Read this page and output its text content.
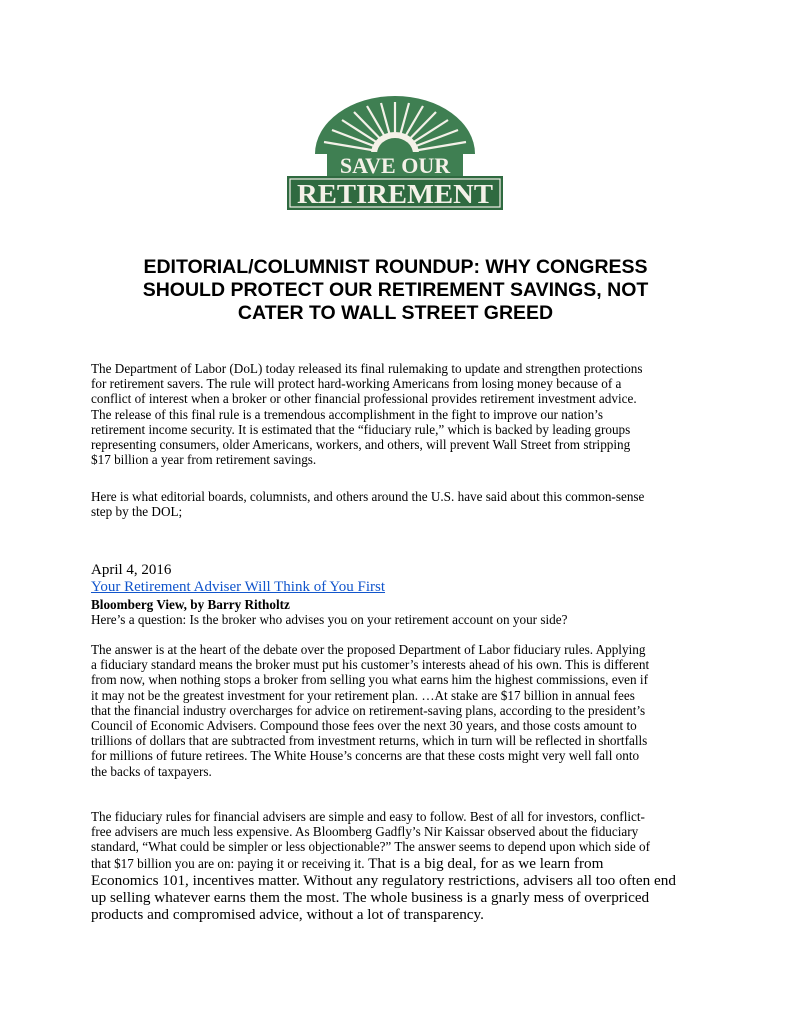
SAVE OUR
RETIREMENT
EDITORIAL/COLUMNIST ROUNDUP: WHY CONGRESS
SHOULD PROTECT OUR RETIREMENT SAVINGS, NOT
CATER TO WALL STREET GREED
The Department of Labor (DoL) today released its final rulemaking to update and strengthen protections
for retirement savers. The rule will protect hard-working Americans from losing money because of a
conflict of interest when a broker or other financial professional provides retirement investment advice.
The release of this final rule is a tremendous accomplishment in the fight to improve our nation’s
retirement income security. It is estimated that the “fiduciary rule,” which is backed by leading groups
representing consumers, older Americans, workers, and others, will prevent Wall Street from stripping
$17 billion a year from retirement savings.
Here is what editorial boards, columnists, and others around the U.S. have said about this common-sense
step by the DOL;
April 4, 2016
Your Retirement Adviser Will Think of You First
Bloomberg View, by Barry Ritholtz
Here’s a question: Is the broker who advises you on your retirement account on your side?
The answer is at the heart of the debate over the proposed Department of Labor fiduciary rules. Applying
a fiduciary standard means the broker must put his customer’s interests ahead of his own. This is different
from now, when nothing stops a broker from selling you what earns him the highest commissions, even if
it may not be the greatest investment for your retirement plan. …At stake are $17 billion in annual fees
that the financial industry overcharges for advice on retirement-saving plans, according to the president’s
Council of Economic Advisers. Compound those fees over the next 30 years, and those costs amount to
trillions of dollars that are subtracted from investment returns, which in turn will be reflected in shortfalls
for millions of future retirees. The White House’s concerns are that these costs might very well fall onto
the backs of taxpayers.
The fiduciary rules for financial advisers are simple and easy to follow. Best of all for investors, conflict-
free advisers are much less expensive. As Bloomberg Gadfly’s Nir Kaissar observed about the fiduciary
standard, “What could be simpler or less objectionable?” The answer seems to depend upon which side of
that $17 billion you are on: paying it or receiving it. That is a big deal, for as we learn from
Economics 101, incentives matter. Without any regulatory restrictions, advisers all too often end
up selling whatever earns them the most. The whole business is a gnarly mess of overpriced
products and compromised advice, without a lot of transparency.
